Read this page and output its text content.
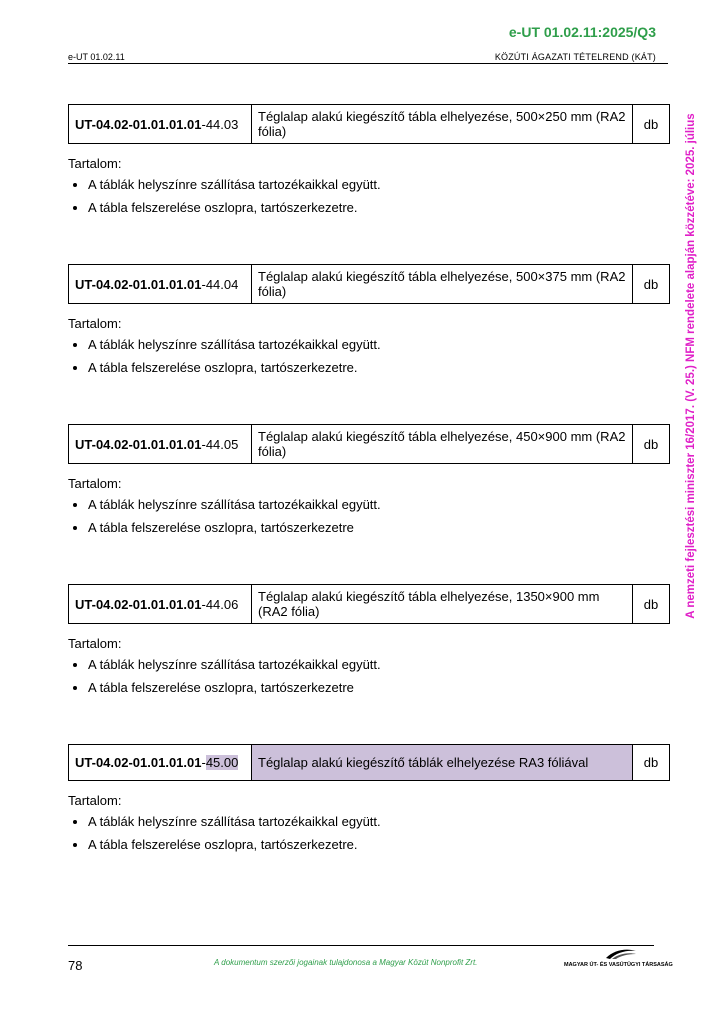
e-UT 01.02.11:2025/Q3
e-UT 01.02.11	KÖZÚTI ÁGAZATI TÉTELREND (KÁT)
A nemzeti fejlesztési miniszter 16/2017. (V. 25.) NFM rendelete alapján közzétéve: 2025. július
UT-04.02-01.01.01.01-44.03	Téglalap alakú kiegészítő tábla elhelyezése, 500×250 mm (RA2 fólia)	db
Tartalom:
• A táblák helyszínre szállítása tartozékaikkal együtt.
• A tábla felszerelése oszlopra, tartószerkezetre.
UT-04.02-01.01.01.01-44.04	Téglalap alakú kiegészítő tábla elhelyezése, 500×375 mm (RA2 fólia)	db
Tartalom:
• A táblák helyszínre szállítása tartozékaikkal együtt.
• A tábla felszerelése oszlopra, tartószerkezetre.
UT-04.02-01.01.01.01-44.05	Téglalap alakú kiegészítő tábla elhelyezése, 450×900 mm (RA2 fólia)	db
Tartalom:
• A táblák helyszínre szállítása tartozékaikkal együtt.
• A tábla felszerelése oszlopra, tartószerkezetre
UT-04.02-01.01.01.01-44.06	Téglalap alakú kiegészítő tábla elhelyezése, 1350×900 mm (RA2 fólia)	db
Tartalom:
• A táblák helyszínre szállítása tartozékaikkal együtt.
• A tábla felszerelése oszlopra, tartószerkezetre
UT-04.02-01.01.01.01-45.00	Téglalap alakú kiegészítő táblák elhelyezése RA3 fóliával	db
Tartalom:
• A táblák helyszínre szállítása tartozékaikkal együtt.
• A tábla felszerelése oszlopra, tartószerkezetre.
78	A dokumentum szerzői jogainak tulajdonosa a Magyar Közút Nonprofit Zrt.	MAGYAR ÚT- ÉS VASÚTÜGYI TÁRSASÁG
